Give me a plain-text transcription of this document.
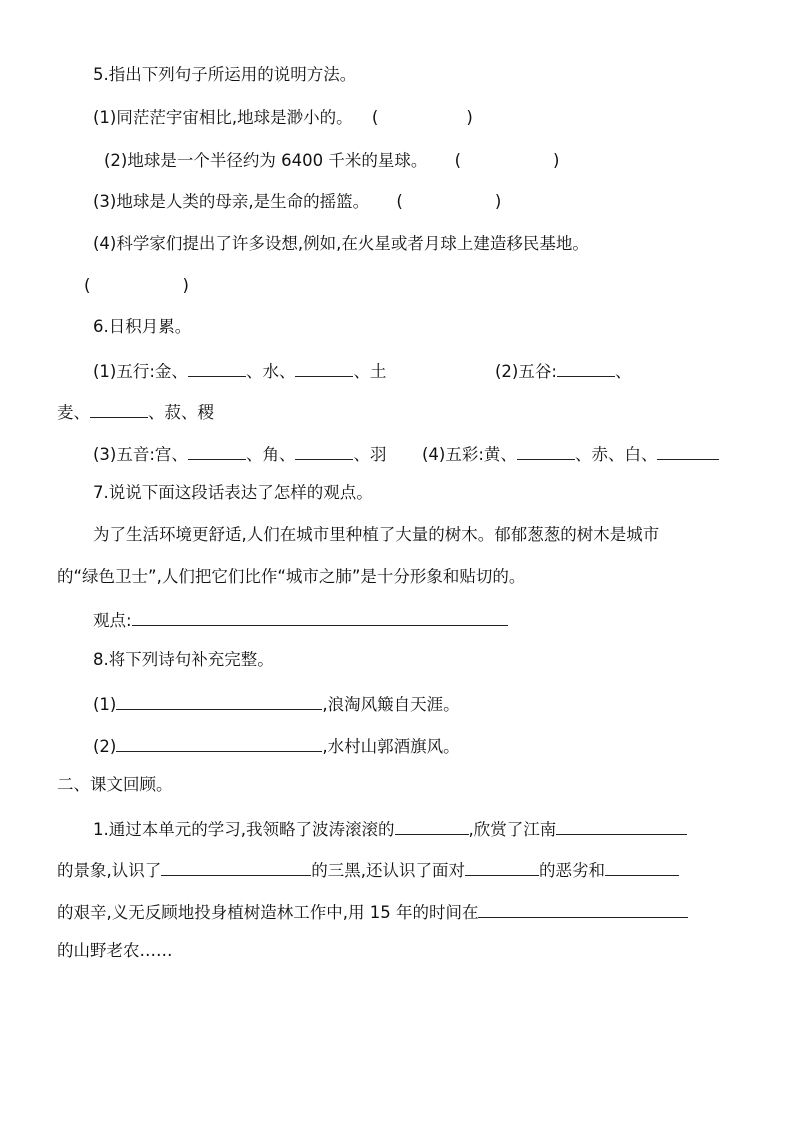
5.指出下列句子所运用的说明方法。
(1)同茫茫宇宙相比,地球是渺小的。 (	)
(2)地球是一个半径约为 6400 千米的星球。 (	)
(3)地球是人类的母亲,是生命的摇篮。 (	)
(4)科学家们提出了许多设想,例如,在火星或者月球上建造移民基地。
(	)
6.日积月累。
(1)五行:金、	、水、	、土	(2)五谷:	、
麦、	、菽、稷
(3)五音:宫、	、角、	、羽 (4)五彩:黄、	、赤、白、
7.说说下面这段话表达了怎样的观点。
为了生活环境更舒适,人们在城市里种植了大量的树木。郁郁葱葱的树木是城市
的“绿色卫士”,人们把它们比作“城市之肺”是十分形象和贴切的。
观点:
8.将下列诗句补充完整。
(1)	,浪淘风簸自天涯。
(2)	,水村山郭酒旗风。
二、课文回顾。
1.通过本单元的学习,我领略了波涛滚滚的	,欣赏了江南
的景象,认识了	的三黑,还认识了面对	的恶劣和
的艰辛,义无反顾地投身植树造林工作中,用 15 年的时间在
的山野老农……
